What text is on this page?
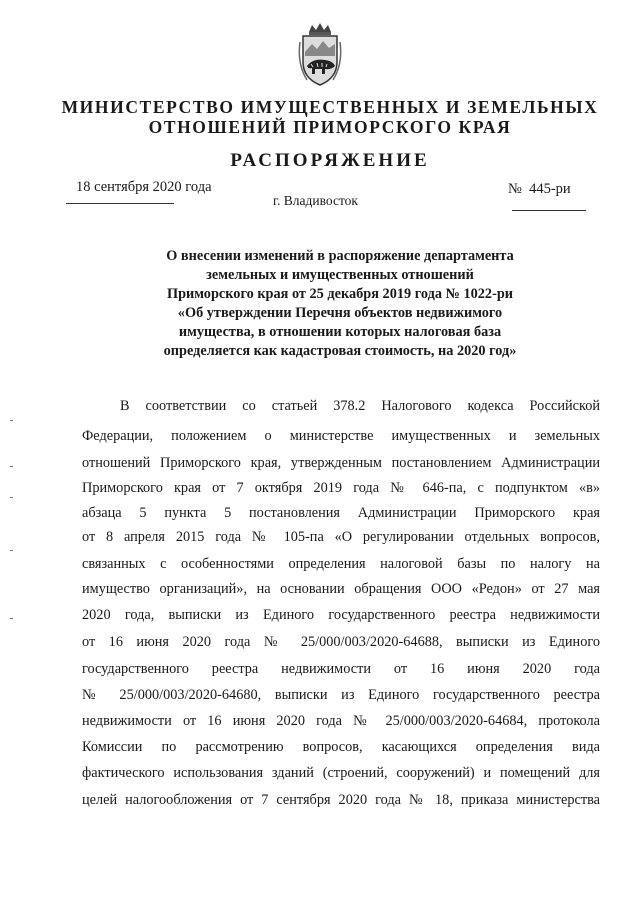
МИНИСТЕРСТВО ИМУЩЕСТВЕННЫХ И ЗЕМЕЛЬНЫХ
ОТНОШЕНИЙ ПРИМОРСКОГО КРАЯ
РАСПОРЯЖЕНИЕ
18 сентября 2020 года
г. Владивосток
№  445-ри
О внесении изменений в распоряжение департамента
земельных и имущественных отношений
Приморского края от 25 декабря 2019 года № 1022-ри
«Об утверждении Перечня объектов недвижимого
имущества, в отношении которых налоговая база
определяется как кадастровая стоимость, на 2020 год»
В соответствии со статьей 378.2 Налогового кодекса Российской
Федерации, положением о министерстве имущественных и земельных
отношений Приморского края, утвержденным постановлением Администрации
Приморского края от 7 октября 2019 года № 646-па, с подпунктом «в»
абзаца 5 пункта 5 постановления Администрации Приморского края
от 8 апреля 2015 года № 105-па «О регулировании отдельных вопросов,
связанных с особенностями определения налоговой базы по налогу на
имущество организаций», на основании обращения ООО «Редон» от 27 мая
2020 года, выписки из Единого государственного реестра недвижимости
от 16 июня 2020 года № 25/000/003/2020-64688, выписки из Единого
государственного реестра недвижимости от 16 июня 2020 года
№ 25/000/003/2020-64680, выписки из Единого государственного реестра
недвижимости от 16 июня 2020 года № 25/000/003/2020-64684, протокола
Комиссии по рассмотрению вопросов, касающихся определения вида
фактического использования зданий (строений, сооружений) и помещений для
целей налогообложения от 7 сентября 2020 года № 18, приказа министерства
